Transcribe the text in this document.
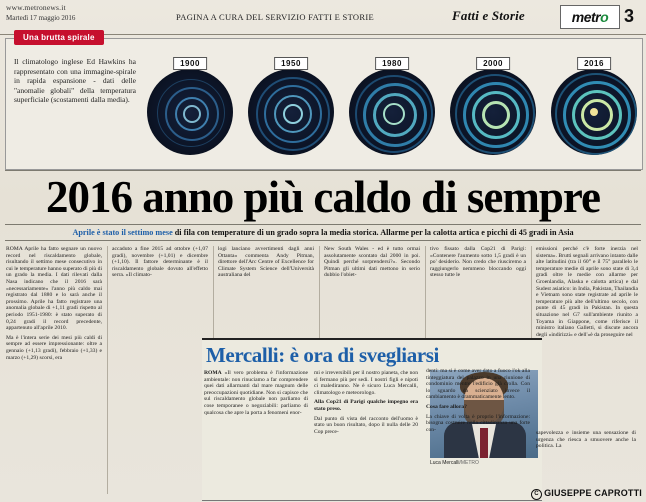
www.metronews.it
Martedì 17 maggio 2016	PAGINA A CURA DEL SERVIZIO FATTI E STORIE	Fatti e Storie	metr o 3
Una brutta spirale
Il climatologo inglese Ed Hawkins ha rappresentato con una immagine-spirale in rapida espansione - dati delle "anomalie globali" della temperatura superficiale (scostamenti dalla media).
1900	1950	1980	2000	2016
2016 anno più caldo di sempre
Aprile è stato il settimo mese di fila con temperature di un grado sopra la media storica. Allarme per la calotta artica e picchi di 45 gradi in Asia

ROMA Aprile ha fatto segnare un nuovo record nel riscaldamento globale, risultando il settimo mese consecutivo in cui le temperature hanno superato di più di un grado la media. I dati rilevati dalla Nasa indicano che il 2016 sarà «necessariamente» l'anno più caldo mai registrato dal 1880 e lo sarà anche il prossimo. Aprile ha fatto registrare una anomalia globale di +1,11 gradi rispetto al periodo 1951-1980: è stato superato di 0,24 gradi il record precedente, appartenuto all'aprile 2010.

Ma è l'intera serie dei mesi più caldi di sempre ad essere impressionante: oltre a gennaio (+1,13 gradi), febbraio (+1,33) e marzo (+1,29) scorsi, era

accaduto a fine 2015 ad ottobre (+1,07 gradi), novembre (+1,01) e dicembre (+1,10). Il fattore determinante è il riscaldamento globale dovuto all'effetto serra. «Il climato-

logi lanciano avvertimenti dagli anni Ottanta» commenta Andy Pitman, direttore dell'Arc Centre of Excellence for Climate System Science dell'Università australiana del

New South Wales - ed è tutto ormai assolutamente scontato dal 2000 in poi. Quindi perché sorprendersi?». Secondo Pitman gli ultimi dati mettono in serio dubbio l'obiet-

tivo fissato dalla Cop21 di Parigi: «Contenere l'aumento sotto 1,5 gradi è un po' desiderio. Non credo che riusciremo a raggiungerlo nemmeno bloccando oggi stesso tutte le

emissioni perché c'è forte inerzia nel sistema». Brutti segnali arrivano intanto dalle alte latitudini (tra il 60° e il 75° parallelo le temperature medie di aprile sono state di 3,4 gradi oltre le medie con allarme per Groenlandia, Alaska e calotta artica) e dal Sudest asiatico: in India, Pakistan, Thailandia e Vietnam sono state registrate ad aprile le temperature più alte dell'ultimo secolo, con punte di 45 gradi in Pakistan. In questa situazione nel G7 sull'ambiente riunito a Toyama in Giappone, come riferisce il ministro italiano Galletti, si discute ancora degli «indirizzi» e dell'«è da proseguire nel

Mercalli: è ora di svegliarsi

ROMA «Il vero problema è l'informazione ambientale: non rinuciamo a far comprendere quei dati allarmanti dal mare magnum delle preoccupazioni quotidiane. Non si capisce che sul riscaldamento globale non parliamo di cose temporanee o negoziabili: parliamo di qualcosa che apre la porta a fenomeni enor-

mi e irreversibili per il nostro pianeta, che non si fermano più per sedi. I nostri figli e nipoti ci malediranno. Ne è sicuro Luca Mercalli, climatologo e meteorologo.

Alla Cop21 di Parigi qualche impegno era stato preso.

Dal punto di vista del racconto dell'uomo è stato un buon risultato, dopo il nulla delle 20 Cop prece-

Luca Mercalli/METRO

denti: ma si è come aver dato a fuoco l'ok alla tinteggiatura del palazzo in una riunione di condominio mentre l'edificio già crolla. Con lo sguardo da scienziato invece il cambiamento è drammaticamente lento.

Cosa fare allora?

La chiave di volta è proprio l'informazione: bisogna costruire nella cittadinanza una forte con-

sapevolezza e insieme una sensazione di urgenza che riesca a smuovere anche la politica. La

C GIUSEPPE CAPROTTI
